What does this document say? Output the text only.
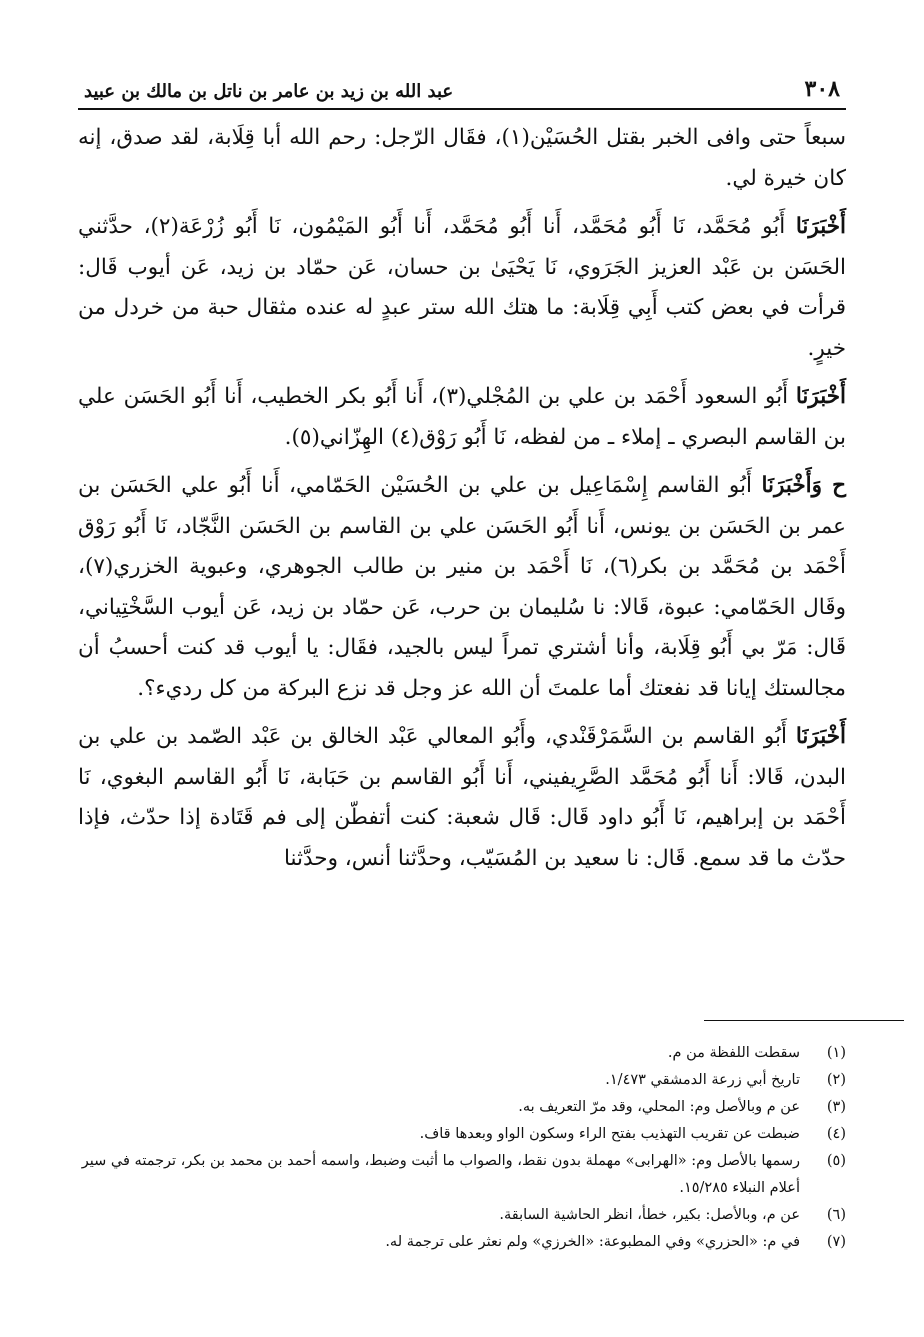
٣٠٨
عبد الله بن زيد بن عامر بن ناتل بن مالك بن عبيد

سبعاً حتى وافى الخبر بقتل الحُسَيْن(١)، فقَال الرّجل: رحم الله أبا قِلَابة، لقد صدق، إنه كان خيرة لي.

أَخْبَرَنَا أَبُو مُحَمَّد، نَا أَبُو مُحَمَّد، أَنا أَبُو مُحَمَّد، أَنا أَبُو المَيْمُون، نَا أَبُو زُرْعَة(٢)، حدَّثني الحَسَن بن عَبْد العزيز الجَرَوي، نَا يَحْيَىٰ بن حسان، عَن حمّاد بن زيد، عَن أيوب قَال: قرأت في بعض كتب أَبِي قِلَابة: ما هتك الله ستر عبدٍ له عنده مثقال حبة من خردل من خيرٍ.

أَخْبَرَنَا أَبُو السعود أَحْمَد بن علي بن المُجْلي(٣)، أَنا أَبُو بكر الخطيب، أَنا أَبُو الحَسَن علي بن القاسم البصري ـ إملاء ـ من لفظه، نَا أَبُو رَوْق(٤) الهِزّاني(٥).

ح وَأَخْبَرَنَا أَبُو القاسم إِسْمَاعِيل بن علي بن الحُسَيْن الحَمّامي، أَنا أَبُو علي الحَسَن بن عمر بن الحَسَن بن يونس، أَنا أَبُو الحَسَن علي بن القاسم بن الحَسَن النَّجّاد، نَا أَبُو رَوْق أَحْمَد بن مُحَمَّد بن بكر(٦)، نَا أَحْمَد بن منير بن طالب الجوهري، وعبوية الخزري(٧)، وقَال الحَمّامي: عبوة، قَالا: نا سُليمان بن حرب، عَن حمّاد بن زيد، عَن أيوب السَّخْتِياني، قَال: مَرّ بي أَبُو قِلَابة، وأنا أشتري تمراً ليس بالجيد، فقَال: يا أيوب قد كنت أحسبُ أن مجالستك إيانا قد نفعتك أما علمتَ أن الله عز وجل قد نزع البركة من كل رديء؟.

أَخْبَرَنَا أَبُو القاسم بن السَّمَرْقَنْدي، وأَبُو المعالي عَبْد الخالق بن عَبْد الصّمد بن علي بن البدن، قَالا: أَنا أَبُو مُحَمَّد الصَّرِيفيني، أَنا أَبُو القاسم بن حَبَابة، نَا أَبُو القاسم البغوي، نَا أَحْمَد بن إبراهيم، نَا أَبُو داود قَال: قَال شعبة: كنت أتفطّن إلى فم قَتَادة إذا حدّث، فإذا حدّث ما قد سمع. قَال: نا سعيد بن المُسَيّب، وحدَّثنا أنس، وحدَّثنا

(١)
سقطت اللفظة من م.
(٢)
تاريخ أبي زرعة الدمشقي ١/٤٧٣.
(٣)
عن م وبالأصل وم: المحلي، وقد مرّ التعريف به.
(٤)
ضبطت عن تقريب التهذيب بفتح الراء وسكون الواو وبعدها قاف.
(٥)
رسمها بالأصل وم: «الهرابى» مهملة بدون نقط، والصواب ما أثبت وضبط، واسمه أحمد بن محمد بن بكر، ترجمته في سير أعلام النبلاء ١٥/٢٨٥.
(٦)
عن م، وبالأصل: بكير، خطأ، انظر الحاشية السابقة.
(٧)
في م: «الحزري» وفي المطبوعة: «الخرزي» ولم نعثر على ترجمة له.
